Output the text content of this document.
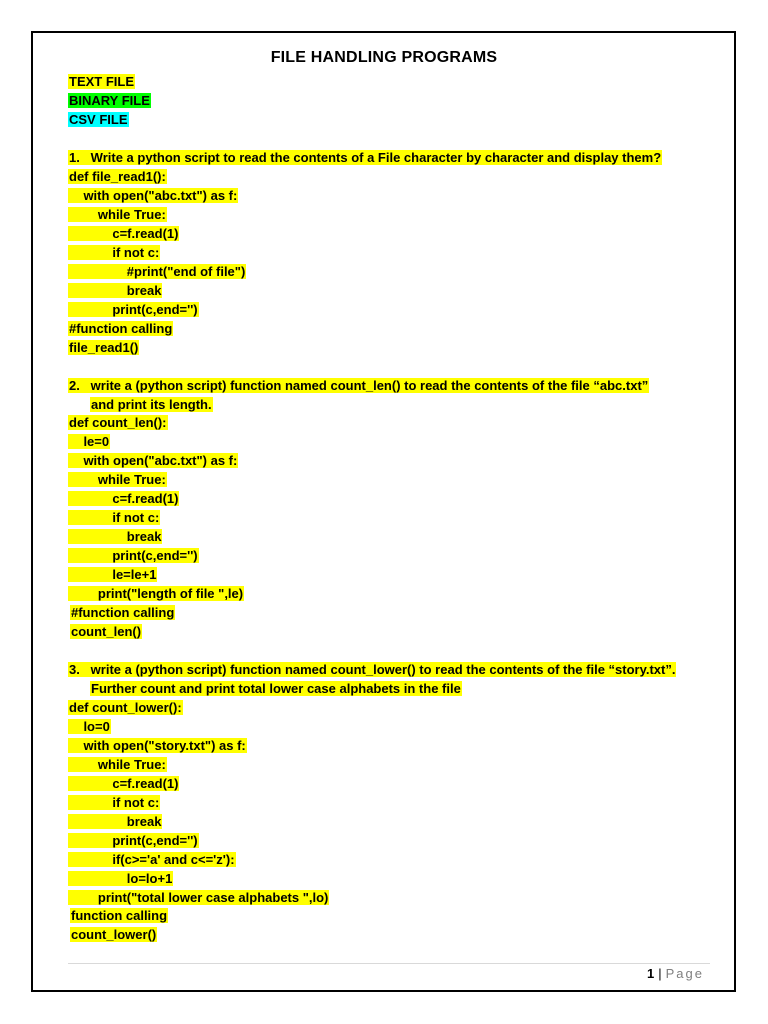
FILE HANDLING PROGRAMS
TEXT FILE
BINARY FILE
CSV FILE
1.   Write a python script to read the contents of a File character by character and display them?
def file_read1():
with open("abc.txt") as f:
while True:
c=f.read(1)
if not c:
#print("end of file")
break
print(c,end='')
#function calling
file_read1()
2.   write a (python script) function named count_len() to read the contents of the file “abc.txt”
and print its length.
def count_len():
le=0
with open("abc.txt") as f:
while True:
c=f.read(1)
if not c:
break
print(c,end='')
le=le+1
print("length of file ",le)
#function calling
count_len()
3.   write a (python script) function named count_lower() to read the contents of the file “story.txt”.
Further count and print total lower case alphabets in the file
def count_lower():
lo=0
with open("story.txt") as f:
while True:
c=f.read(1)
if not c:
break
print(c,end='')
if(c>='a' and c<='z'):
lo=lo+1
print("total lower case alphabets ",lo)
function calling
count_lower()
1 | Page
